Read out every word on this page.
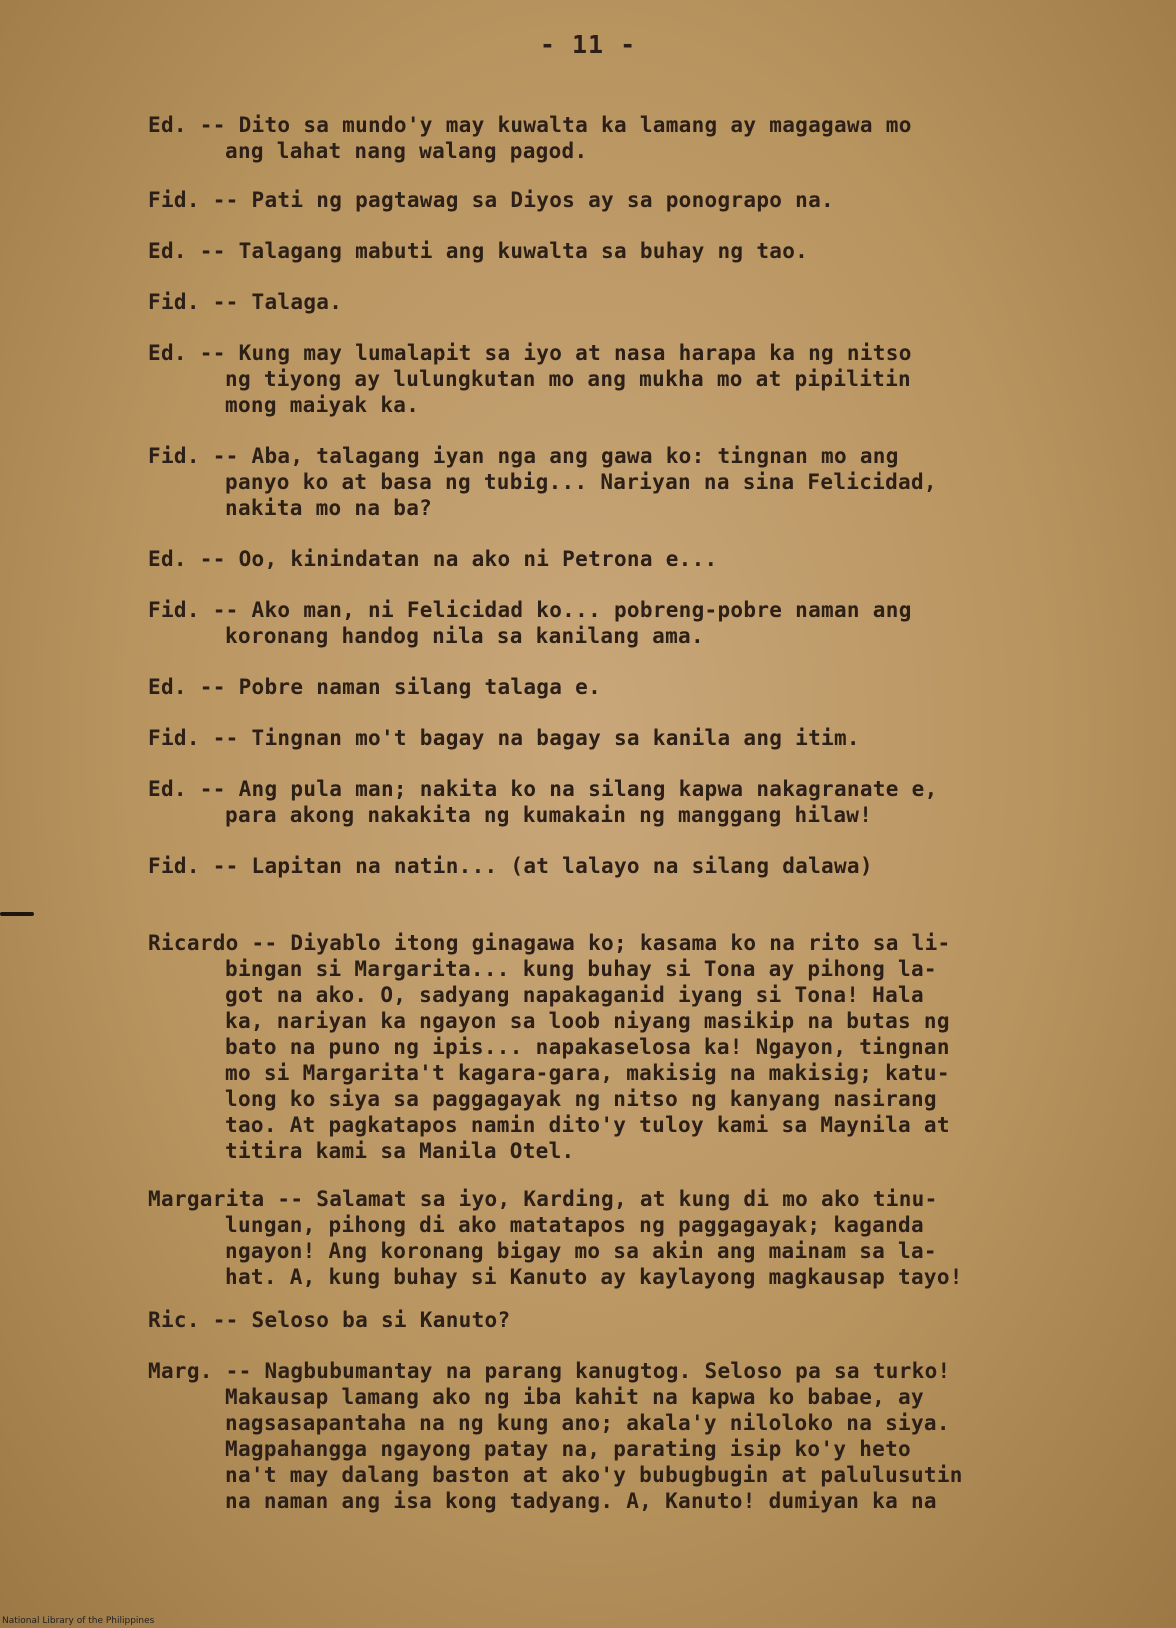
- 11 -
Ed. -- Dito sa mundo'y may kuwalta ka lamang ay magagawa mo
ang lahat nang walang pagod.
Fid. -- Pati ng pagtawag sa Diyos ay sa ponograpo na.
Ed. -- Talagang mabuti ang kuwalta sa buhay ng tao.
Fid. -- Talaga.
Ed. -- Kung may lumalapit sa iyo at nasa harapa ka ng nitso
ng tiyong ay lulungkutan mo ang mukha mo at pipilitin
mong maiyak ka.
Fid. -- Aba, talagang iyan nga ang gawa ko: tingnan mo ang
panyo ko at basa ng tubig... Nariyan na sina Felicidad,
nakita mo na ba?
Ed. -- Oo, kinindatan na ako ni Petrona e...
Fid. -- Ako man, ni Felicidad ko... pobreng-pobre naman ang
koronang handog nila sa kanilang ama.
Ed. -- Pobre naman silang talaga e.
Fid. -- Tingnan mo't bagay na bagay sa kanila ang itim.
Ed. -- Ang pula man; nakita ko na silang kapwa nakagranate e,
para akong nakakita ng kumakain ng manggang hilaw!
Fid. -- Lapitan na natin... (at lalayo na silang dalawa)
Ricardo -- Diyablo itong ginagawa ko; kasama ko na rito sa li-
bingan si Margarita... kung buhay si Tona ay pihong la-
got na ako. O, sadyang napakaganid iyang si Tona! Hala
ka, nariyan ka ngayon sa loob niyang masikip na butas ng
bato na puno ng ipis... napakaselosa ka! Ngayon, tingnan
mo si Margarita't kagara-gara, makisig na makisig; katu-
long ko siya sa paggagayak ng nitso ng kanyang nasirang
tao. At pagkatapos namin dito'y tuloy kami sa Maynila at
titira kami sa Manila Otel.
Margarita -- Salamat sa iyo, Karding, at kung di mo ako tinu-
lungan, pihong di ako matatapos ng paggagayak; kaganda
ngayon! Ang koronang bigay mo sa akin ang mainam sa la-
hat. A, kung buhay si Kanuto ay kaylayong magkausap tayo!
Ric. -- Seloso ba si Kanuto?
Marg. -- Nagbubumantay na parang kanugtog. Seloso pa sa turko!
Makausap lamang ako ng iba kahit na kapwa ko babae, ay
nagsasapantaha na ng kung ano; akala'y niloloko na siya.
Magpahangga ngayong patay na, parating isip ko'y heto
na't may dalang baston at ako'y bubugbugin at palulusutin
na naman ang isa kong tadyang. A, Kanuto! dumiyan ka na
National Library of the Philippines
